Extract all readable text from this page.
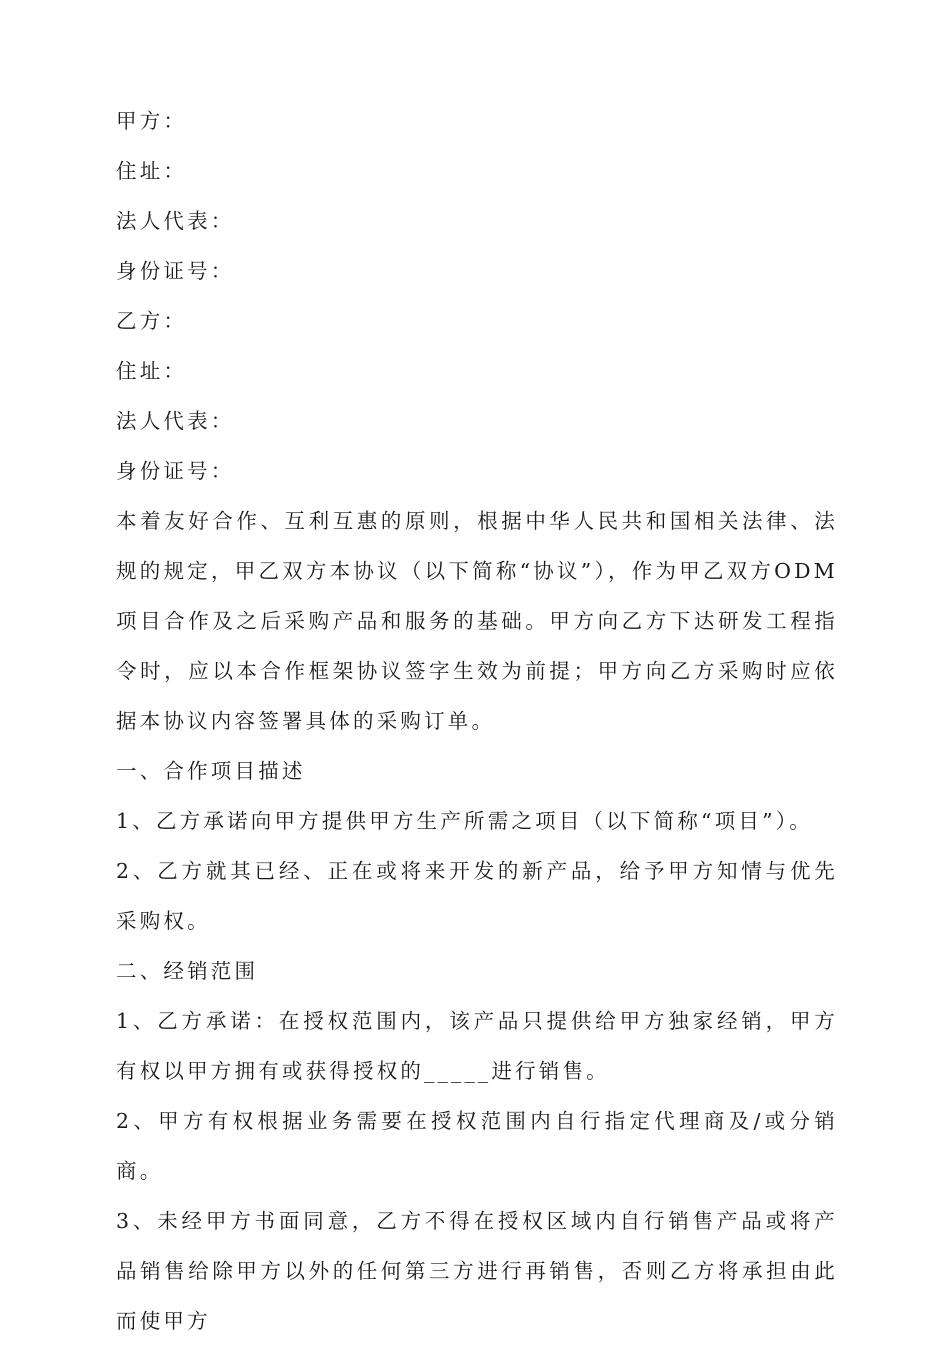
甲方：
住址：
法人代表：
身份证号：
乙方：
住址：
法人代表：
身份证号：
本着友好合作、互利互惠的原则，根据中华人民共和国相关法律、法规的规定，甲乙双方本协议（以下简称“协议”），作为甲乙双方ODM项目合作及之后采购产品和服务的基础。甲方向乙方下达研发工程指令时，应以本合作框架协议签字生效为前提；甲方向乙方采购时应依据本协议内容签署具体的采购订单。
一、合作项目描述
1、乙方承诺向甲方提供甲方生产所需之项目（以下简称“项目”）。
2、乙方就其已经、正在或将来开发的新产品，给予甲方知情与优先采购权。
二、经销范围
1、乙方承诺：在授权范围内，该产品只提供给甲方独家经销，甲方有权以甲方拥有或获得授权的_____进行销售。
2、甲方有权根据业务需要在授权范围内自行指定代理商及/或分销商。
3、未经甲方书面同意，乙方不得在授权区域内自行销售产品或将产品销售给除甲方以外的任何第三方进行再销售，否则乙方将承担由此而使甲方
